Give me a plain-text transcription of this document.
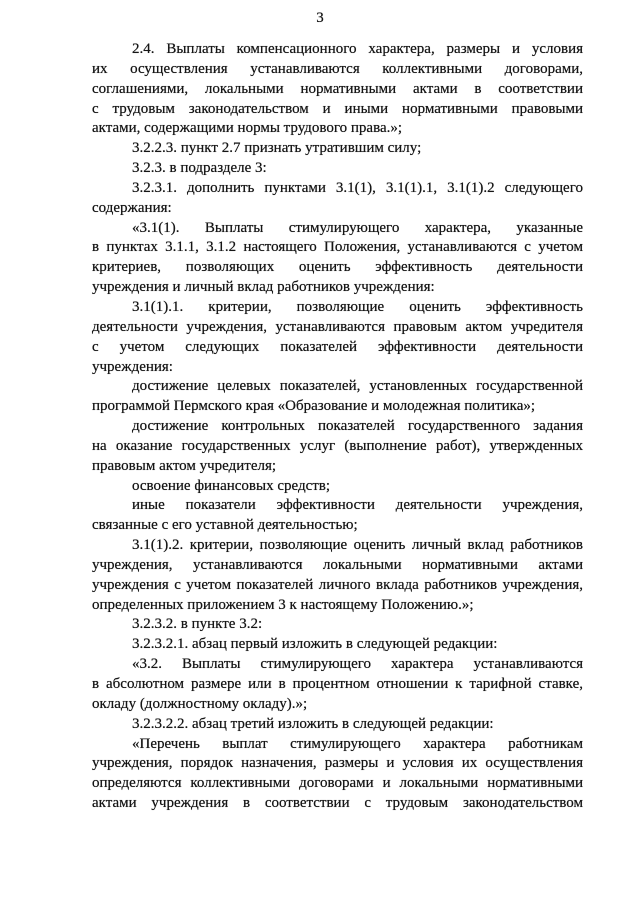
3
2.4. Выплаты компенсационного характера, размеры и условия
их осуществления устанавливаются коллективными договорами,
соглашениями, локальными нормативными актами в соответствии
с трудовым законодательством и иными нормативными правовыми
актами, содержащими нормы трудового права.»;
3.2.2.3. пункт 2.7 признать утратившим силу;
3.2.3. в подразделе 3:
3.2.3.1. дополнить пунктами 3.1(1), 3.1(1).1, 3.1(1).2 следующего
содержания:
«3.1(1). Выплаты стимулирующего характера, указанные
в пунктах 3.1.1, 3.1.2 настоящего Положения, устанавливаются с учетом
критериев, позволяющих оценить эффективность деятельности
учреждения и личный вклад работников учреждения:
3.1(1).1. критерии, позволяющие оценить эффективность
деятельности учреждения, устанавливаются правовым актом учредителя
с учетом следующих показателей эффективности деятельности
учреждения:
достижение целевых показателей, установленных государственной
программой Пермского края «Образование и молодежная политика»;
достижение контрольных показателей государственного задания
на оказание государственных услуг (выполнение работ), утвержденных
правовым актом учредителя;
освоение финансовых средств;
иные показатели эффективности деятельности учреждения,
связанные с его уставной деятельностью;
3.1(1).2. критерии, позволяющие оценить личный вклад работников
учреждения, устанавливаются локальными нормативными актами
учреждения с учетом показателей личного вклада работников учреждения,
определенных приложением 3 к настоящему Положению.»;
3.2.3.2. в пункте 3.2:
3.2.3.2.1. абзац первый изложить в следующей редакции:
«3.2. Выплаты стимулирующего характера устанавливаются
в абсолютном размере или в процентном отношении к тарифной ставке,
окладу (должностному окладу).»;
3.2.3.2.2. абзац третий изложить в следующей редакции:
«Перечень выплат стимулирующего характера работникам
учреждения, порядок назначения, размеры и условия их осуществления
определяются коллективными договорами и локальными нормативными
актами учреждения в соответствии с трудовым законодательством
